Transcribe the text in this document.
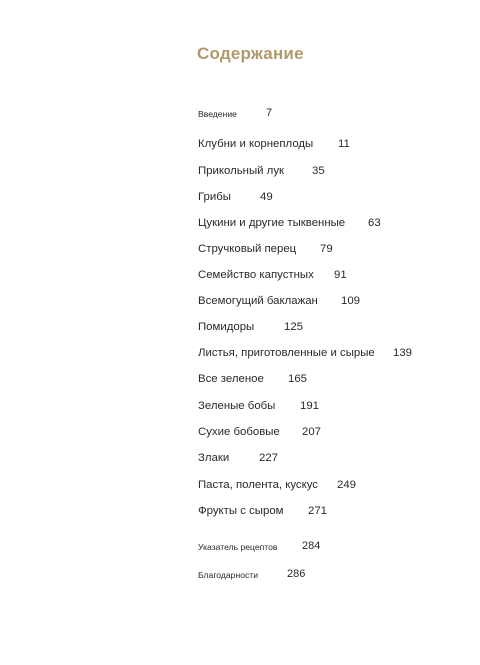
Содержание
Введение	7
Клубни и корнеплоды 11
Прикольный лук 35
Грибы	49
Цукини и другие тыквенные 63
Стручковый перец 79
Семейство капустных 91
Всемогущий баклажан 109
Помидоры	125
Листья, приготовленные и сырые 139
Все зеленое 165
Зеленые бобы 191
Сухие бобовые 207
Злаки	227
Паста, полента, кускус 249
Фрукты с сыром 271
Указатель рецептов 284
Благодарности	286
